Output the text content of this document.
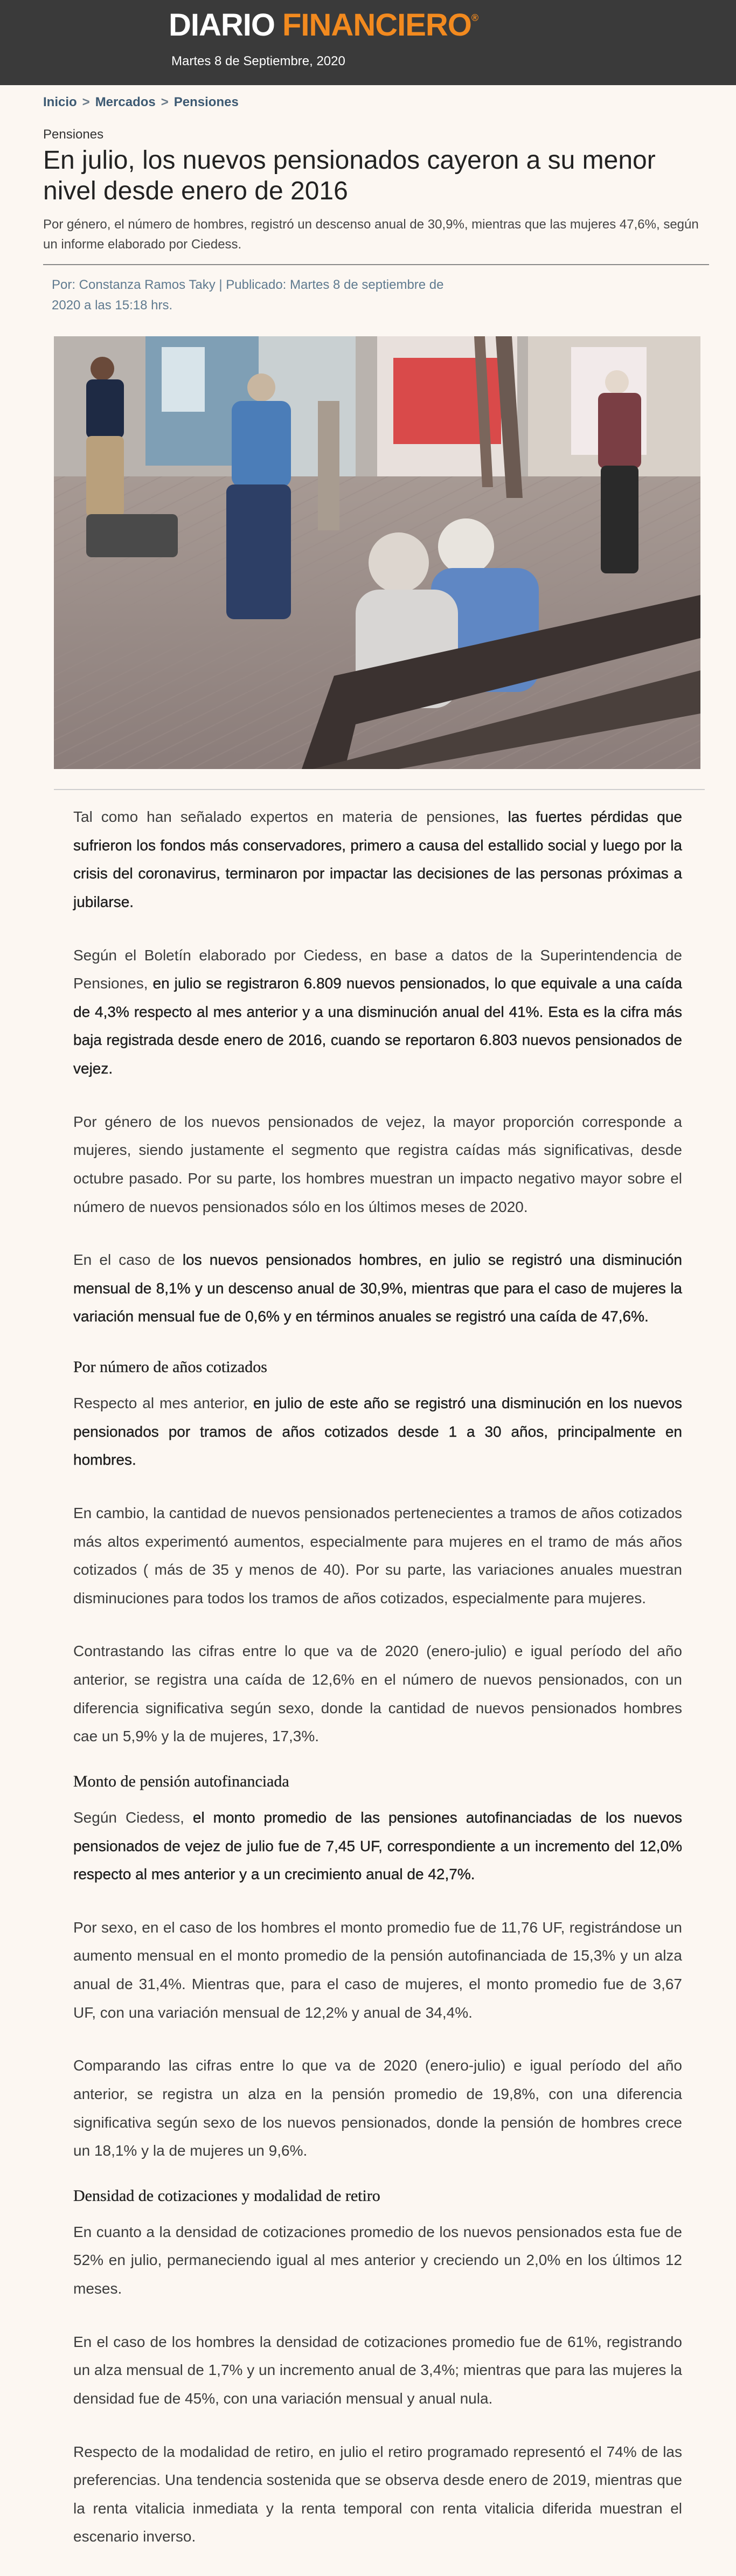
DIARIO FINANCIERO®
Martes 8 de Septiembre, 2020
Inicio > Mercados > Pensiones
Pensiones
En julio, los nuevos pensionados cayeron a su menor nivel desde enero de 2016
Por género, el número de hombres, registró un descenso anual de 30,9%, mientras que las mujeres 47,6%, según un informe elaborado por Ciedess.
Por: Constanza Ramos Taky | Publicado: Martes 8 de septiembre de 2020 a las 15:18 hrs.

Tal como han señalado expertos en materia de pensiones, las fuertes pérdidas que sufrieron los fondos más conservadores, primero a causa del estallido social y luego por la crisis del coronavirus, terminaron por impactar las decisiones de las personas próximas a jubilarse.

Según el Boletín elaborado por Ciedess, en base a datos de la Superintendencia de Pensiones, en julio se registraron 6.809 nuevos pensionados, lo que equivale a una caída de 4,3% respecto al mes anterior y a una disminución anual del 41%. Esta es la cifra más baja registrada desde enero de 2016, cuando se reportaron 6.803 nuevos pensionados de vejez.

Por género de los nuevos pensionados de vejez, la mayor proporción corresponde a mujeres, siendo justamente el segmento que registra caídas más significativas, desde octubre pasado. Por su parte, los hombres muestran un impacto negativo mayor sobre el número de nuevos pensionados sólo en los últimos meses de 2020.

En el caso de los nuevos pensionados hombres, en julio se registró una disminución mensual de 8,1% y un descenso anual de 30,9%, mientras que para el caso de mujeres la variación mensual fue de 0,6% y en términos anuales se registró una caída de 47,6%.

Por número de años cotizados

Respecto al mes anterior, en julio de este año se registró una disminución en los nuevos pensionados por tramos de años cotizados desde 1 a 30 años, principalmente en hombres.

En cambio, la cantidad de nuevos pensionados pertenecientes a tramos de años cotizados más altos experimentó aumentos, especialmente para mujeres en el tramo de más años cotizados ( más de 35 y menos de 40). Por su parte, las variaciones anuales muestran disminuciones para todos los tramos de años cotizados, especialmente para mujeres.

Contrastando las cifras entre lo que va de 2020 (enero-julio) e igual período del año anterior, se registra una caída de 12,6% en el número de nuevos pensionados, con un diferencia significativa según sexo, donde la cantidad de nuevos pensionados hombres cae un 5,9% y la de mujeres, 17,3%.

Monto de pensión autofinanciada

Según Ciedess, el monto promedio de las pensiones autofinanciadas de los nuevos pensionados de vejez de julio fue de 7,45 UF, correspondiente a un incremento del 12,0% respecto al mes anterior y a un crecimiento anual de 42,7%.

Por sexo, en el caso de los hombres el monto promedio fue de 11,76 UF, registrándose un aumento mensual en el monto promedio de la pensión autofinanciada de 15,3% y un alza anual de 31,4%. Mientras que, para el caso de mujeres, el monto promedio fue de 3,67 UF, con una variación mensual de 12,2% y anual de 34,4%.

Comparando las cifras entre lo que va de 2020 (enero-julio) e igual período del año anterior, se registra un alza en la pensión promedio de 19,8%, con una diferencia significativa según sexo de los nuevos pensionados, donde la pensión de hombres crece un 18,1% y la de mujeres un 9,6%.

Densidad de cotizaciones y modalidad de retiro

En cuanto a la densidad de cotizaciones promedio de los nuevos pensionados esta fue de 52% en julio, permaneciendo igual al mes anterior y creciendo un 2,0% en los últimos 12 meses.

En el caso de los hombres la densidad de cotizaciones promedio fue de 61%, registrando un alza mensual de 1,7% y un incremento anual de 3,4%; mientras que para las mujeres la densidad fue de 45%, con una variación mensual y anual nula.

Respecto de la modalidad de retiro, en julio el retiro programado representó el 74% de las preferencias. Una tendencia sostenida que se observa desde enero de 2019, mientras que la renta vitalicia inmediata y la renta temporal con renta vitalicia diferida muestran el escenario inverso.
